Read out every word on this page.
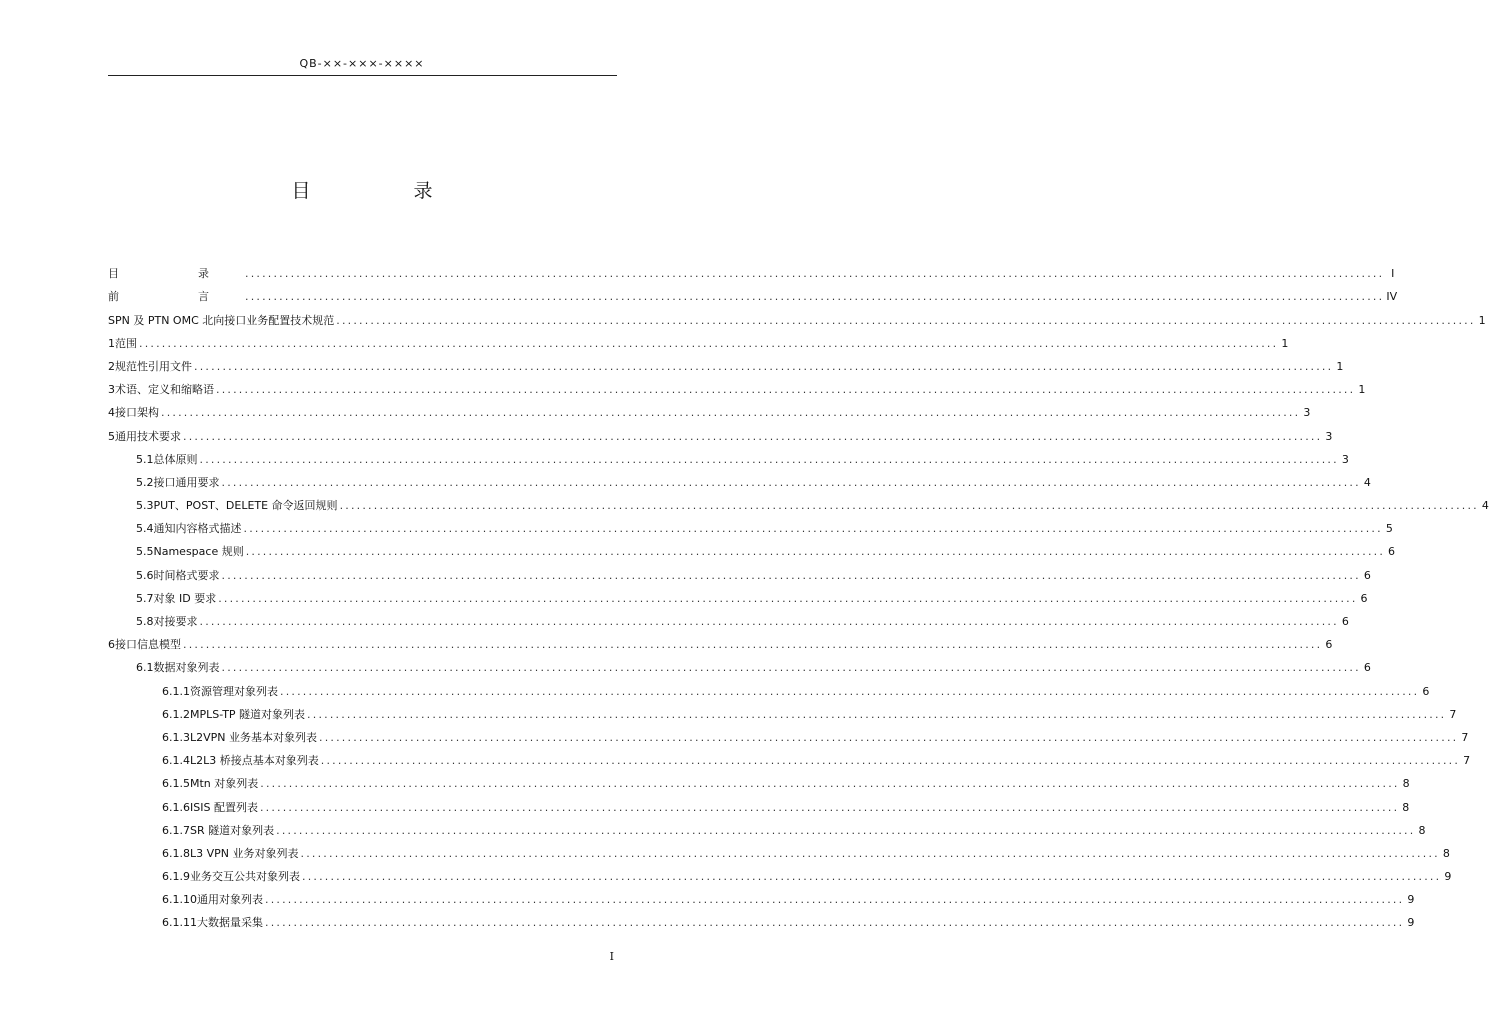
QB-××-×××-××××
目　录
目　录 ........................................................................................................................................................................................................ I
前　言 ........................................................................................................................................................................................................ IV
SPN 及 PTN OMC 北向接口业务配置技术规范 ........................................................................................................................................................................................................ 1
1 范围 ........................................................................................................................................................................................................ 1
2 规范性引用文件 ........................................................................................................................................................................................................ 1
3 术语、定义和缩略语 ........................................................................................................................................................................................................ 1
4 接口架构 ........................................................................................................................................................................................................ 3
5 通用技术要求 ........................................................................................................................................................................................................ 3
5.1 总体原则 ........................................................................................................................................................................................................ 3
5.2 接口通用要求 ........................................................................................................................................................................................................ 4
5.3 PUT、POST、DELETE 命令返回规则 ........................................................................................................................................................................................................ 4
5.4 通知内容格式描述 ........................................................................................................................................................................................................ 5
5.5 Namespace 规则 ........................................................................................................................................................................................................ 6
5.6 时间格式要求 ........................................................................................................................................................................................................ 6
5.7 对象 ID 要求 ........................................................................................................................................................................................................ 6
5.8 对接要求 ........................................................................................................................................................................................................ 6
6 接口信息模型 ........................................................................................................................................................................................................ 6
6.1 数据对象列表 ........................................................................................................................................................................................................ 6
6.1.1 资源管理对象列表 ........................................................................................................................................................................................................ 6
6.1.2 MPLS-TP 隧道对象列表 ........................................................................................................................................................................................................ 7
6.1.3 L2VPN 业务基本对象列表 ........................................................................................................................................................................................................ 7
6.1.4 L2L3 桥接点基本对象列表 ........................................................................................................................................................................................................ 7
6.1.5 Mtn 对象列表 ........................................................................................................................................................................................................ 8
6.1.6 ISIS 配置列表 ........................................................................................................................................................................................................ 8
6.1.7 SR 隧道对象列表 ........................................................................................................................................................................................................ 8
6.1.8 L3 VPN 业务对象列表 ........................................................................................................................................................................................................ 8
6.1.9 业务交互公共对象列表 ........................................................................................................................................................................................................ 9
6.1.10 通用对象列表 ........................................................................................................................................................................................................ 9
6.1.11 大数据量采集 ........................................................................................................................................................................................................ 9
I
